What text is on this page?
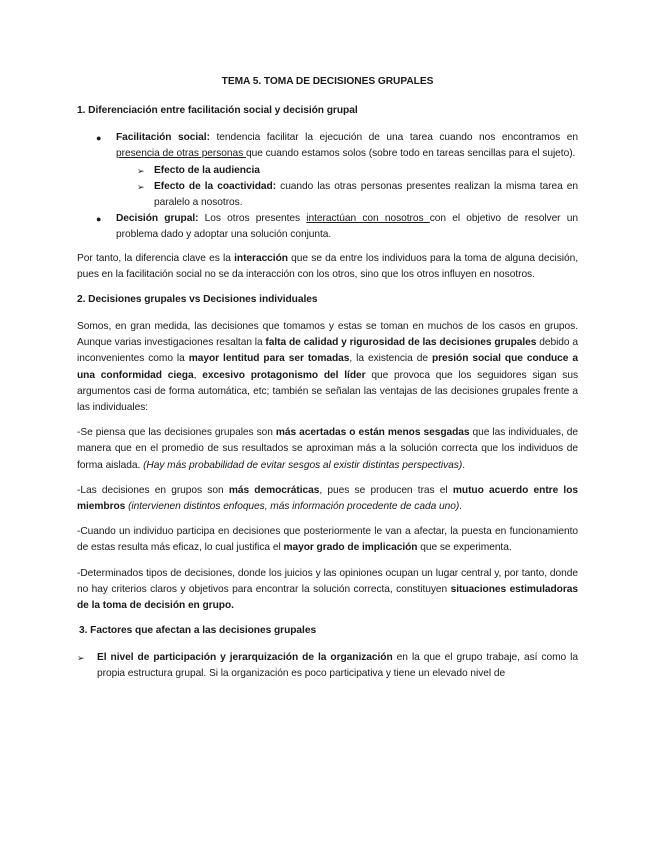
TEMA 5. TOMA DE DECISIONES GRUPALES
1. Diferenciación entre facilitación social y decisión grupal
● Facilitación social: tendencia facilitar la ejecución de una tarea cuando nos encontramos en presencia de otras personas que cuando estamos solos (sobre todo en tareas sencillas para el sujeto).
➢ Efecto de la audiencia
➢ Efecto de la coactividad: cuando las otras personas presentes realizan la misma tarea en paralelo a nosotros.
● Decisión grupal: Los otros presentes interactúan con nosotros con el objetivo de resolver un problema dado y adoptar una solución conjunta.

Por tanto, la diferencia clave es la interacción que se da entre los individuos para la toma de alguna decisión, pues en la facilitación social no se da interacción con los otros, sino que los otros influyen en nosotros.

2. Decisiones grupales vs Decisiones individuales

Somos, en gran medida, las decisiones que tomamos y estas se toman en muchos de los casos en grupos. Aunque varias investigaciones resaltan la falta de calidad y rigurosidad de las decisiones grupales debido a inconvenientes como la mayor lentitud para ser tomadas, la existencia de presión social que conduce a una conformidad ciega, excesivo protagonismo del líder que provoca que los seguidores sigan sus argumentos casi de forma automática, etc; también se señalan las ventajas de las decisiones grupales frente a las individuales:

-Se piensa que las decisiones grupales son más acertadas o están menos sesgadas que las individuales, de manera que en el promedio de sus resultados se aproximan más a la solución correcta que los individuos de forma aislada. (Hay más probabilidad de evitar sesgos al existir distintas perspectivas).

-Las decisiones en grupos son más democráticas, pues se producen tras el mutuo acuerdo entre los miembros (intervienen distintos enfoques, más información procedente de cada uno).

-Cuando un individuo participa en decisiones que posteriormente le van a afectar, la puesta en funcionamiento de estas resulta más eficaz, lo cual justifica el mayor grado de implicación que se experimenta.

-Determinados tipos de decisiones, donde los juicios y las opiniones ocupan un lugar central y, por tanto, donde no hay criterios claros y objetivos para encontrar la solución correcta, constituyen situaciones estimuladoras de la toma de decisión en grupo.

3. Factores que afectan a las decisiones grupales
➢ El nivel de participación y jerarquización de la organización en la que el grupo trabaje, así como la propia estructura grupal. Si la organización es poco participativa y tiene un elevado nivel de
